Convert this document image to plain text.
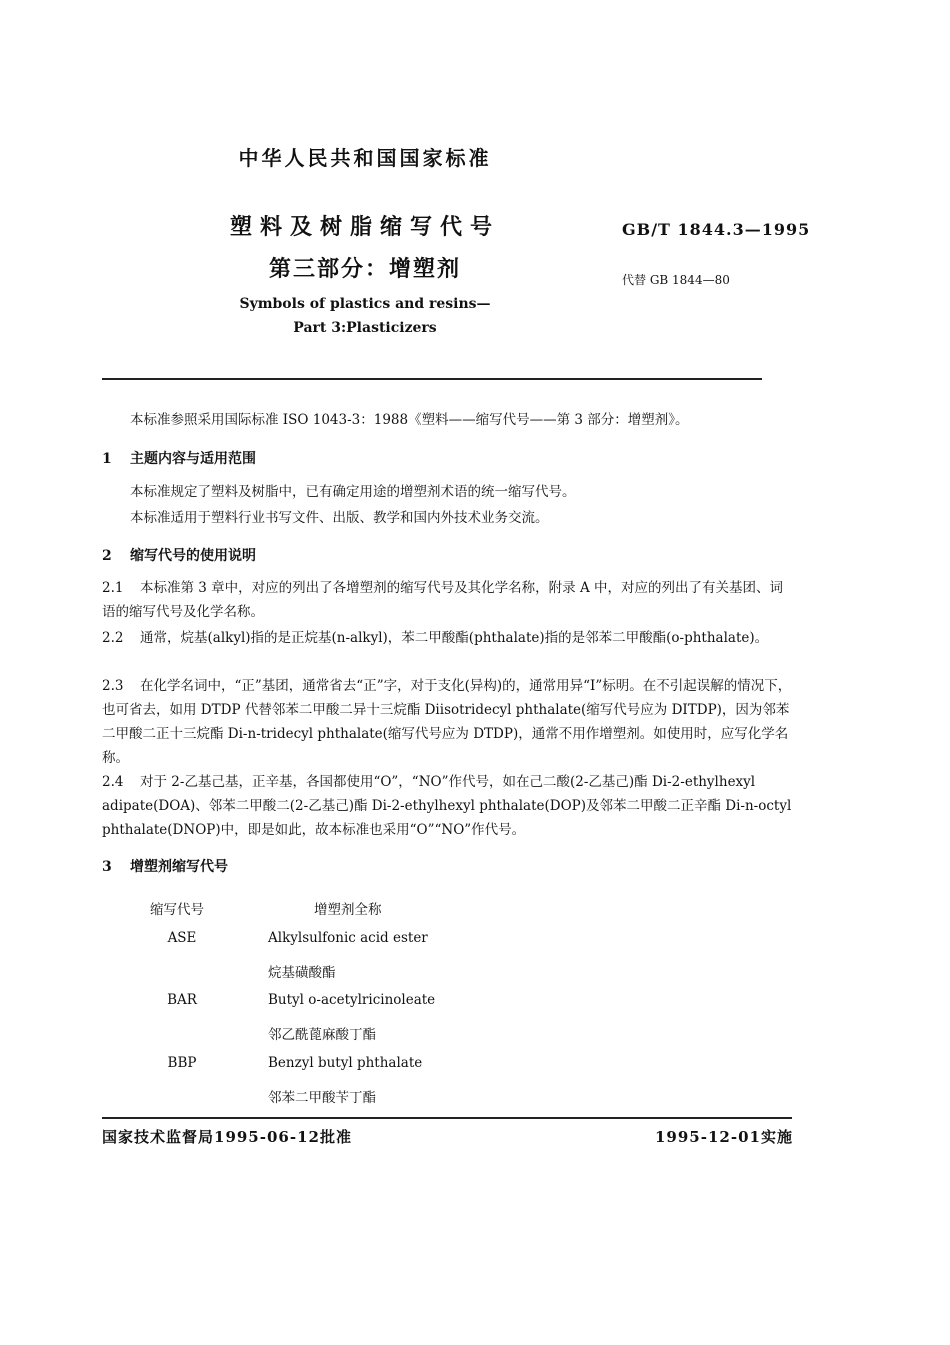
中华人民共和国国家标准
塑料及树脂缩写代号
第三部分：增塑剂
Symbols of plastics and resins—
Part 3:Plasticizers
GB/T 1844.3—1995
代替 GB 1844—80
本标准参照采用国际标准 ISO 1043-3：1988《塑料——缩写代号——第 3 部分：增塑剂》。
1 主题内容与适用范围
本标准规定了塑料及树脂中，已有确定用途的增塑剂术语的统一缩写代号。
本标准适用于塑料行业书写文件、出版、教学和国内外技术业务交流。
2 缩写代号的使用说明
2.1 本标准第 3 章中，对应的列出了各增塑剂的缩写代号及其化学名称，附录 A 中，对应的列出了有关基团、词语的缩写代号及化学名称。
2.2 通常，烷基(alkyl)指的是正烷基(n-alkyl)，苯二甲酸酯(phthalate)指的是邻苯二甲酸酯(o-phthalate)。
2.3 在化学名词中，“正”基团，通常省去“正”字，对于支化(异构)的，通常用异“I”标明。在不引起误解的情况下，也可省去，如用 DTDP 代替邻苯二甲酸二异十三烷酯 Diisotridecyl phthalate(缩写代号应为 DITDP)，因为邻苯二甲酸二正十三烷酯 Di-n-tridecyl phthalate(缩写代号应为 DTDP)，通常不用作增塑剂。如使用时，应写化学名称。
2.4 对于 2-乙基己基，正辛基，各国都使用“O”，“NO”作代号，如在己二酸(2-乙基己)酯 Di-2-ethylhexyl adipate(DOA)、邻苯二甲酸二(2-乙基己)酯 Di-2-ethylhexyl phthalate(DOP)及邻苯二甲酸二正辛酯 Di-n-octyl phthalate(DNOP)中，即是如此，故本标准也采用“O”“NO”作代号。
3 增塑剂缩写代号
缩写代号	增塑剂全称
ASE	Alkylsulfonic acid ester
烷基磺酸酯
BAR	Butyl o-acetylricinoleate
邻乙酰蓖麻酸丁酯
BBP	Benzyl butyl phthalate
邻苯二甲酸苄丁酯
国家技术监督局1995-06-12批准	1995-12-01实施
